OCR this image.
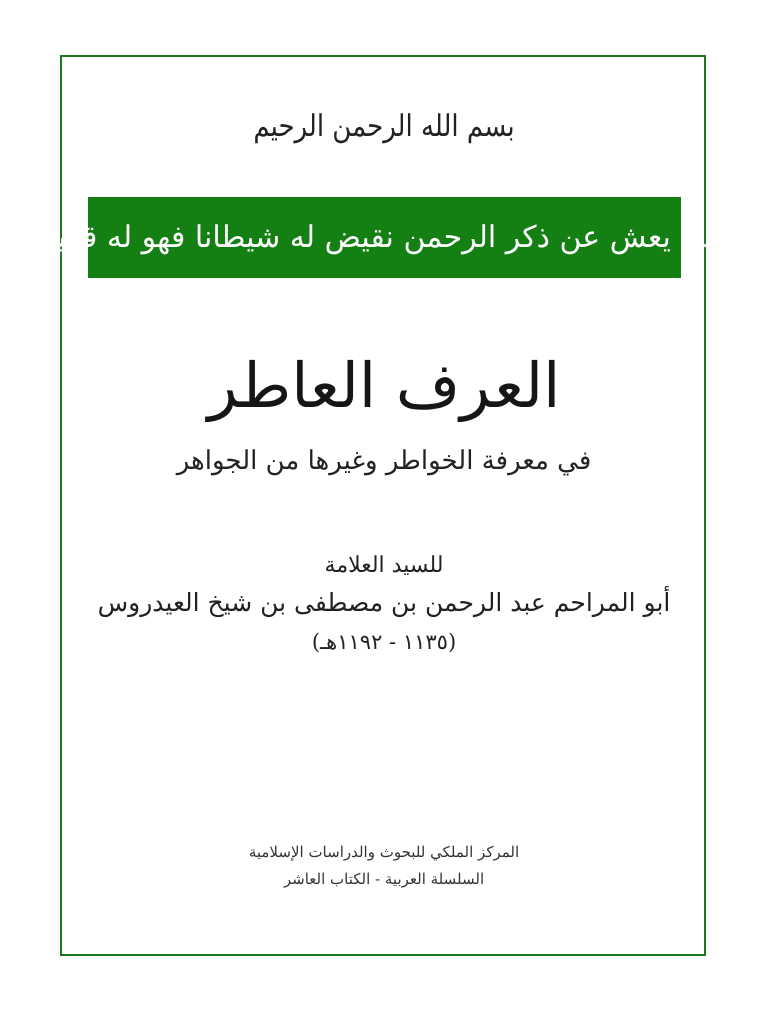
بسم الله الرحمن الرحيم
ومن يعش عن ذكر الرحمن نقيض له شيطانا فهو له قرين
العرف العاطر
في معرفة الخواطر وغيرها من الجواهر
للسيد العلامة
أبو المراحم عبد الرحمن بن مصطفى بن شيخ العيدروس
(١١٣٥ - ١١٩٢هـ)
المركز الملكي للبحوث والدراسات الإسلامية
السلسلة العربية - الكتاب العاشر
